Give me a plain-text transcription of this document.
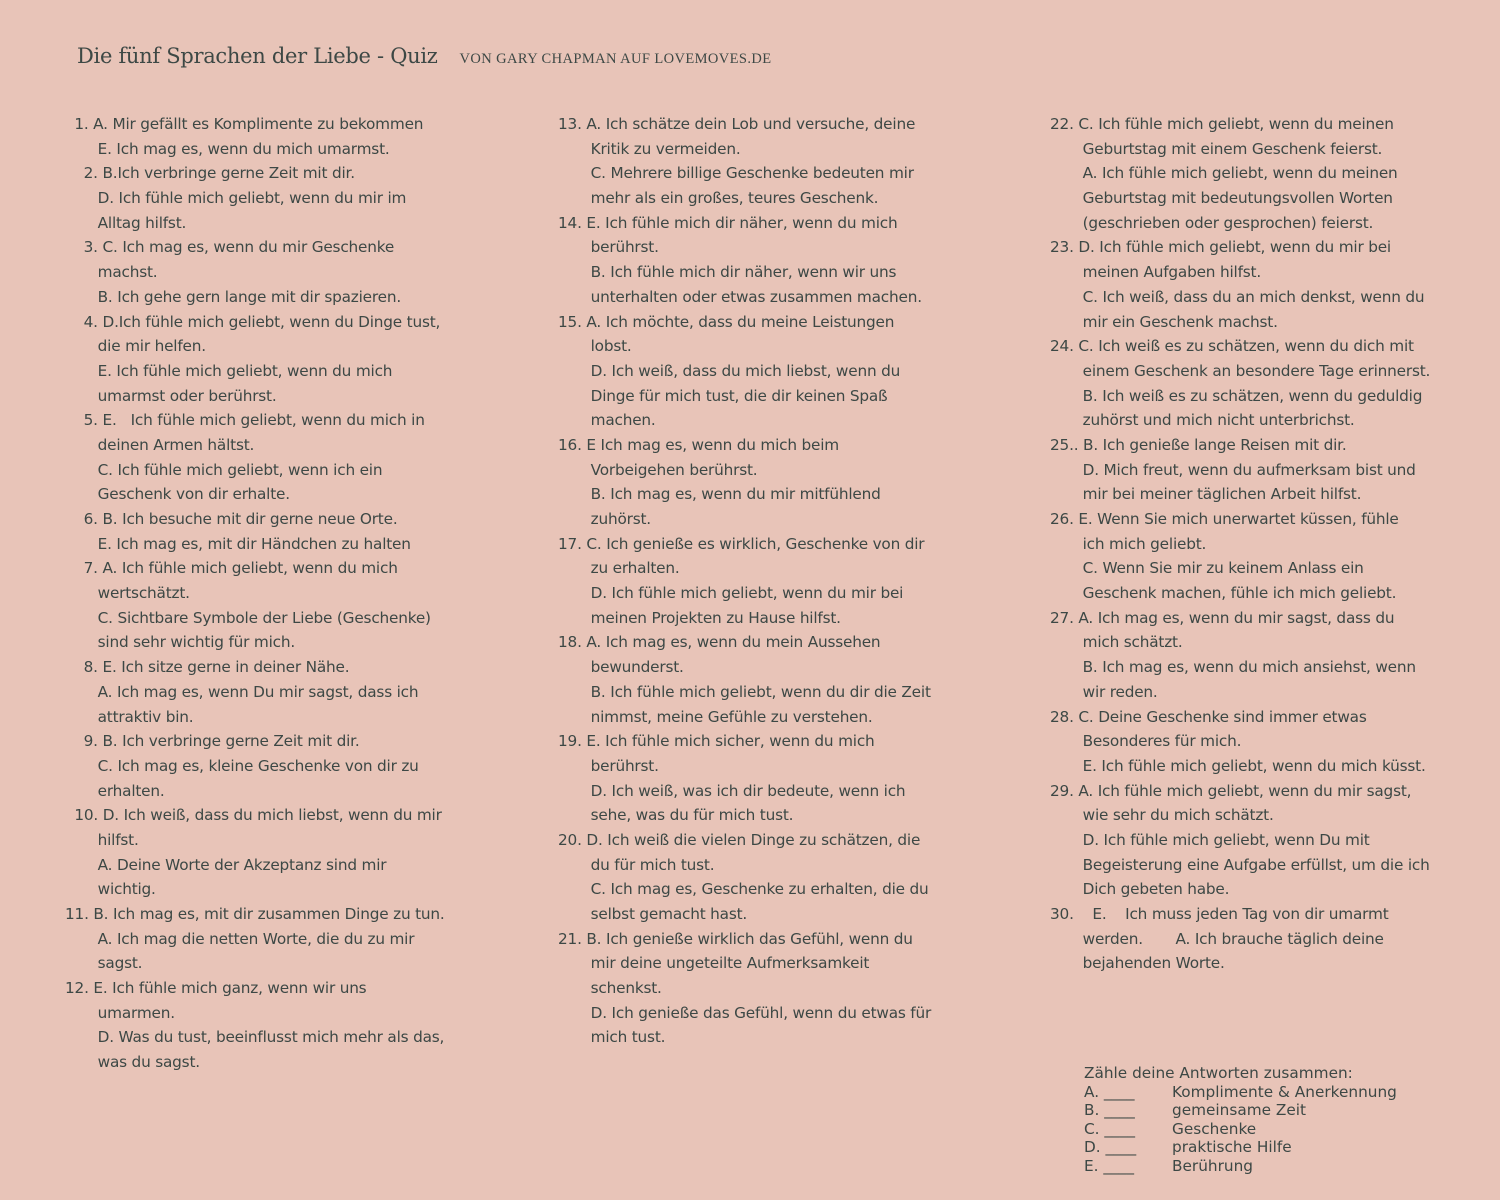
Die fünf Sprachen der Liebe - Quiz VON GARY CHAPMAN AUF LOVEMOVES.DE
1. A. Mir gefällt es Komplimente zu bekommen
E. Ich mag es, wenn du mich umarmst.
2. B.Ich verbringe gerne Zeit mit dir.
D. Ich fühle mich geliebt, wenn du mir im
Alltag hilfst.
3. C. Ich mag es, wenn du mir Geschenke
machst.
B. Ich gehe gern lange mit dir spazieren.
4. D.Ich fühle mich geliebt, wenn du Dinge tust,
die mir helfen.
E. Ich fühle mich geliebt, wenn du mich
umarmst oder berührst.
5. E.   Ich fühle mich geliebt, wenn du mich in
deinen Armen hältst.
C. Ich fühle mich geliebt, wenn ich ein
Geschenk von dir erhalte.
6. B. Ich besuche mit dir gerne neue Orte.
E. Ich mag es, mit dir Händchen zu halten
7. A. Ich fühle mich geliebt, wenn du mich
wertschätzt.
C. Sichtbare Symbole der Liebe (Geschenke)
sind sehr wichtig für mich.
8. E. Ich sitze gerne in deiner Nähe.
A. Ich mag es, wenn Du mir sagst, dass ich
attraktiv bin.
9. B. Ich verbringe gerne Zeit mit dir.
C. Ich mag es, kleine Geschenke von dir zu
erhalten.
10. D. Ich weiß, dass du mich liebst, wenn du mir
hilfst.
A. Deine Worte der Akzeptanz sind mir
wichtig.
11. B. Ich mag es, mit dir zusammen Dinge zu tun.
A. Ich mag die netten Worte, die du zu mir
sagst.
12. E. Ich fühle mich ganz, wenn wir uns
umarmen.
D. Was du tust, beeinflusst mich mehr als das,
was du sagst.
13. A. Ich schätze dein Lob und versuche, deine
Kritik zu vermeiden.
C. Mehrere billige Geschenke bedeuten mir
mehr als ein großes, teures Geschenk.
14. E. Ich fühle mich dir näher, wenn du mich
berührst.
B. Ich fühle mich dir näher, wenn wir uns
unterhalten oder etwas zusammen machen.
15. A. Ich möchte, dass du meine Leistungen
lobst.
D. Ich weiß, dass du mich liebst, wenn du
Dinge für mich tust, die dir keinen Spaß
machen.
16. E Ich mag es, wenn du mich beim
Vorbeigehen berührst.
B. Ich mag es, wenn du mir mitfühlend
zuhörst.
17. C. Ich genieße es wirklich, Geschenke von dir
zu erhalten.
D. Ich fühle mich geliebt, wenn du mir bei
meinen Projekten zu Hause hilfst.
18. A. Ich mag es, wenn du mein Aussehen
bewunderst.
B. Ich fühle mich geliebt, wenn du dir die Zeit
nimmst, meine Gefühle zu verstehen.
19. E. Ich fühle mich sicher, wenn du mich
berührst.
D. Ich weiß, was ich dir bedeute, wenn ich
sehe, was du für mich tust.
20. D. Ich weiß die vielen Dinge zu schätzen, die
du für mich tust.
C. Ich mag es, Geschenke zu erhalten, die du
selbst gemacht hast.
21. B. Ich genieße wirklich das Gefühl, wenn du
mir deine ungeteilte Aufmerksamkeit
schenkst.
D. Ich genieße das Gefühl, wenn du etwas für
mich tust.
22. C. Ich fühle mich geliebt, wenn du meinen
Geburtstag mit einem Geschenk feierst.
A. Ich fühle mich geliebt, wenn du meinen
Geburtstag mit bedeutungsvollen Worten
(geschrieben oder gesprochen) feierst.
23. D. Ich fühle mich geliebt, wenn du mir bei
meinen Aufgaben hilfst.
C. Ich weiß, dass du an mich denkst, wenn du
mir ein Geschenk machst.
24. C. Ich weiß es zu schätzen, wenn du dich mit
einem Geschenk an besondere Tage erinnerst.
B. Ich weiß es zu schätzen, wenn du geduldig
zuhörst und mich nicht unterbrichst.
25.. B. Ich genieße lange Reisen mit dir.
D. Mich freut, wenn du aufmerksam bist und
mir bei meiner täglichen Arbeit hilfst.
26. E. Wenn Sie mich unerwartet küssen, fühle
ich mich geliebt.
C. Wenn Sie mir zu keinem Anlass ein
Geschenk machen, fühle ich mich geliebt.
27. A. Ich mag es, wenn du mir sagst, dass du
mich schätzt.
B. Ich mag es, wenn du mich ansiehst, wenn
wir reden.
28. C. Deine Geschenke sind immer etwas
Besonderes für mich.
E. Ich fühle mich geliebt, wenn du mich küsst.
29. A. Ich fühle mich geliebt, wenn du mir sagst,
wie sehr du mich schätzt.
D. Ich fühle mich geliebt, wenn Du mit
Begeisterung eine Aufgabe erfüllst, um die ich
Dich gebeten habe.
30.    E.    Ich muss jeden Tag von dir umarmt
werden.       A. Ich brauche täglich deine
bejahenden Worte.
Zähle deine Antworten zusammen:
A. ____	Komplimente & Anerkennung
B. ____	gemeinsame Zeit
C. ____	Geschenke
D. ____	praktische Hilfe
E. ____	Berührung
